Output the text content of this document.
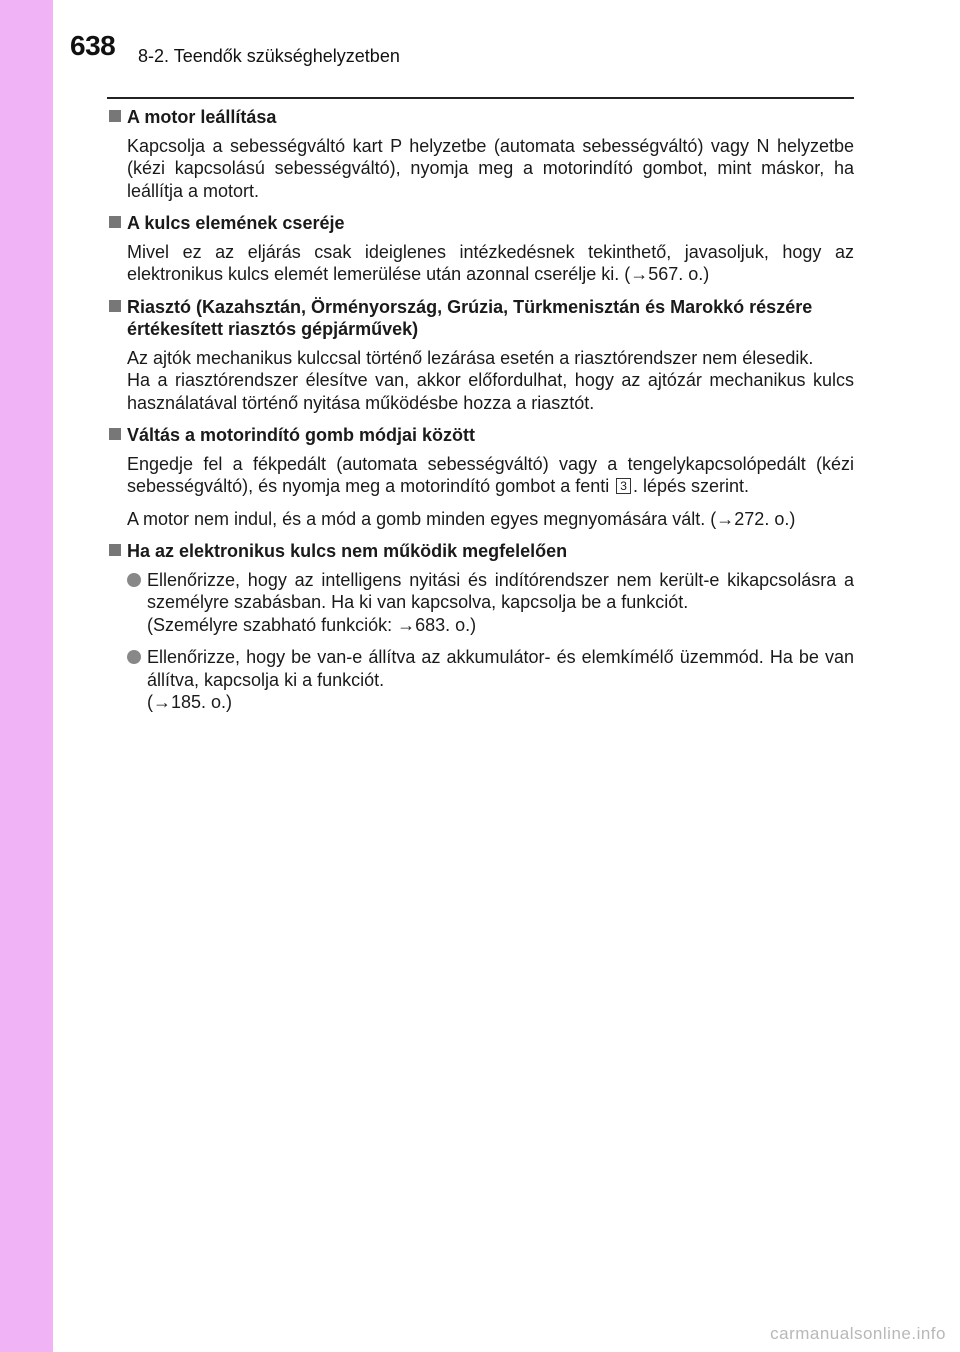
638 8-2. Teendők szükséghelyzetben
A motor leállítása
Kapcsolja a sebességváltó kart P helyzetbe (automata sebességváltó) vagy N helyzetbe (kézi kapcsolású sebességváltó), nyomja meg a motorindító gombot, mint máskor, ha leállítja a motort.
A kulcs elemének cseréje
Mivel ez az eljárás csak ideiglenes intézkedésnek tekinthető, javasoljuk, hogy az elektronikus kulcs elemét lemerülése után azonnal cserélje ki. (→567. o.)
Riasztó (Kazahsztán, Örményország, Grúzia, Türkmenisztán és Marokkó részére értékesített riasztós gépjárművek)
Az ajtók mechanikus kulccsal történő lezárása esetén a riasztórendszer nem élesedik.
Ha a riasztórendszer élesítve van, akkor előfordulhat, hogy az ajtózár mechanikus kulcs használatával történő nyitása működésbe hozza a riasztót.
Váltás a motorindító gomb módjai között
Engedje fel a fékpedált (automata sebességváltó) vagy a tengelykapcsolópedált (kézi sebességváltó), és nyomja meg a motorindító gombot a fenti 3 . lépés szerint.
A motor nem indul, és a mód a gomb minden egyes megnyomására vált. (→272. o.)
Ha az elektronikus kulcs nem működik megfelelően
Ellenőrizze, hogy az intelligens nyitási és indítórendszer nem került-e kikapcsolásra a személyre szabásban. Ha ki van kapcsolva, kapcsolja be a funkciót.
(Személyre szabható funkciók: →683. o.)
Ellenőrizze, hogy be van-e állítva az akkumulátor- és elemkímélő üzemmód. Ha be van állítva, kapcsolja ki a funkciót.
(→185. o.)
carmanualsonline.info
